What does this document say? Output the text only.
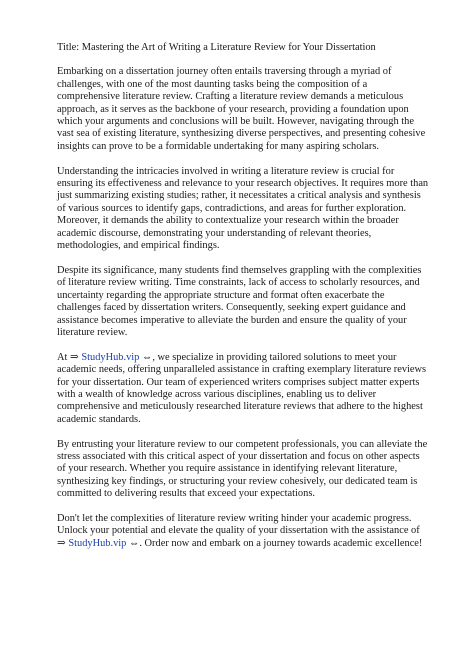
Title: Mastering the Art of Writing a Literature Review for Your Dissertation

Embarking on a dissertation journey often entails traversing through a myriad of challenges, with one of the most daunting tasks being the composition of a comprehensive literature review. Crafting a literature review demands a meticulous approach, as it serves as the backbone of your research, providing a foundation upon which your arguments and conclusions will be built. However, navigating through the vast sea of existing literature, synthesizing diverse perspectives, and presenting cohesive insights can prove to be a formidable undertaking for many aspiring scholars.

Understanding the intricacies involved in writing a literature review is crucial for ensuring its effectiveness and relevance to your research objectives. It requires more than just summarizing existing studies; rather, it necessitates a critical analysis and synthesis of various sources to identify gaps, contradictions, and areas for further exploration. Moreover, it demands the ability to contextualize your research within the broader academic discourse, demonstrating your understanding of relevant theories, methodologies, and empirical findings.

Despite its significance, many students find themselves grappling with the complexities of literature review writing. Time constraints, lack of access to scholarly resources, and uncertainty regarding the appropriate structure and format often exacerbate the challenges faced by dissertation writers. Consequently, seeking expert guidance and assistance becomes imperative to alleviate the burden and ensure the quality of your literature review.

At ⇒ StudyHub.vip ⇔, we specialize in providing tailored solutions to meet your academic needs, offering unparalleled assistance in crafting exemplary literature reviews for your dissertation. Our team of experienced writers comprises subject matter experts with a wealth of knowledge across various disciplines, enabling us to deliver comprehensive and meticulously researched literature reviews that adhere to the highest academic standards.

By entrusting your literature review to our competent professionals, you can alleviate the stress associated with this critical aspect of your dissertation and focus on other aspects of your research. Whether you require assistance in identifying relevant literature, synthesizing key findings, or structuring your review cohesively, our dedicated team is committed to delivering results that exceed your expectations.

Don't let the complexities of literature review writing hinder your academic progress. Unlock your potential and elevate the quality of your dissertation with the assistance of ⇒ StudyHub.vip ⇔. Order now and embark on a journey towards academic excellence!
